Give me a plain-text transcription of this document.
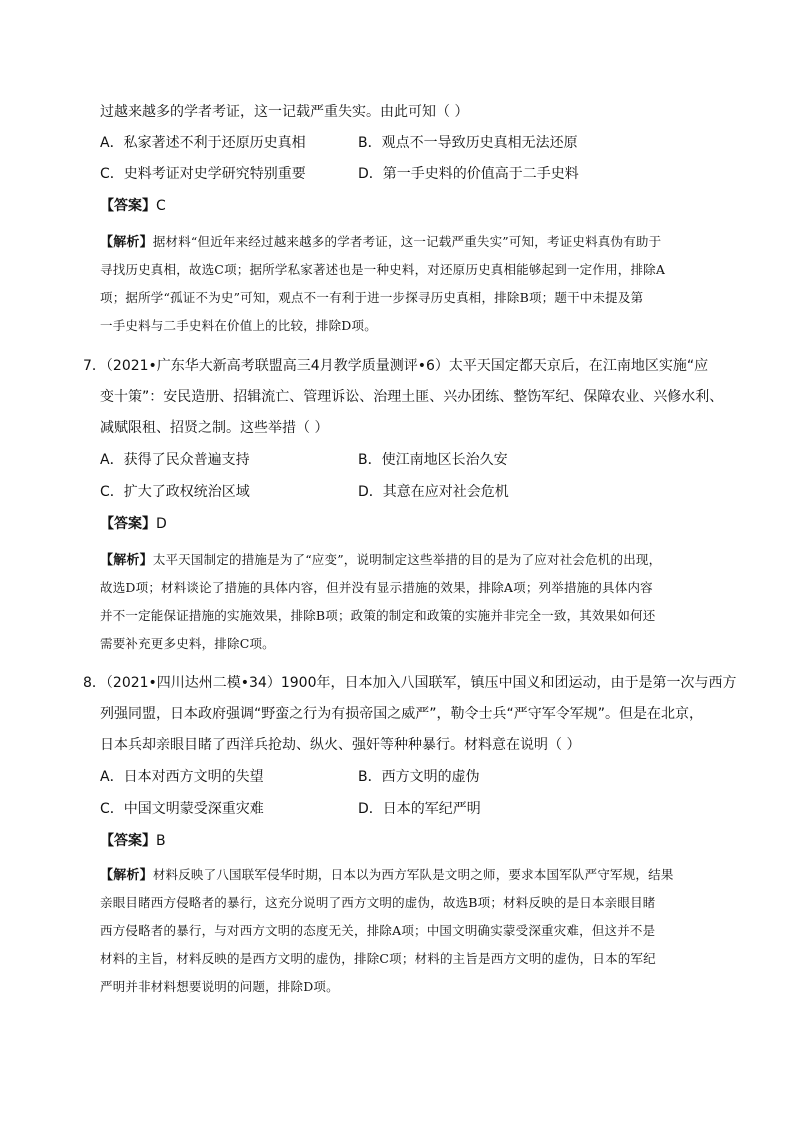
过越来越多的学者考证，这一记载严重失实。由此可知（ ）
A．私家著述不利于还原历史真相	B．观点不一导致历史真相无法还原
C．史料考证对史学研究特别重要	D．第一手史料的价值高于二手史料
【答案】C
【解析】据材料“但近年来经过越来越多的学者考证，这一记载严重失实”可知，考证史料真伪有助于
寻找历史真相，故选C项；据所学私家著述也是一种史料，对还原历史真相能够起到一定作用，排除A
项；据所学“孤证不为史”可知，观点不一有利于进一步探寻历史真相，排除B项；题干中未提及第
一手史料与二手史料在价值上的比较，排除D项。
7．（2021•广东华大新高考联盟高三4月教学质量测评•6）太平天国定都天京后，在江南地区实施“应
变十策”：安民造册、招辑流亡、管理诉讼、治理土匪、兴办团练、整饬军纪、保障农业、兴修水利、
减赋限租、招贤之制。这些举措（ ）
A．获得了民众普遍支持	B．使江南地区长治久安
C．扩大了政权统治区域	D．其意在应对社会危机
【答案】D
【解析】太平天国制定的措施是为了“应变”，说明制定这些举措的目的是为了应对社会危机的出现，
故选D项；材料谈论了措施的具体内容，但并没有显示措施的效果，排除A项；列举措施的具体内容
并不一定能保证措施的实施效果，排除B项；政策的制定和政策的实施并非完全一致，其效果如何还
需要补充更多史料，排除C项。
8．（2021•四川达州二模•34）1900年，日本加入八国联军，镇压中国义和团运动，由于是第一次与西方
列强同盟，日本政府强调“野蛮之行为有损帝国之威严”，勒令士兵“严守军令军规”。但是在北京，
日本兵却亲眼目睹了西洋兵抢劫、纵火、强奸等种种暴行。材料意在说明（ ）
A．日本对西方文明的失望	B．西方文明的虚伪
C．中国文明蒙受深重灾难	D．日本的军纪严明
【答案】B
【解析】材料反映了八国联军侵华时期，日本以为西方军队是文明之师，要求本国军队严守军规，结果
亲眼目睹西方侵略者的暴行，这充分说明了西方文明的虚伪，故选B项；材料反映的是日本亲眼目睹
西方侵略者的暴行，与对西方文明的态度无关，排除A项；中国文明确实蒙受深重灾难，但这并不是
材料的主旨，材料反映的是西方文明的虚伪，排除C项；材料的主旨是西方文明的虚伪，日本的军纪
严明并非材料想要说明的问题，排除D项。
